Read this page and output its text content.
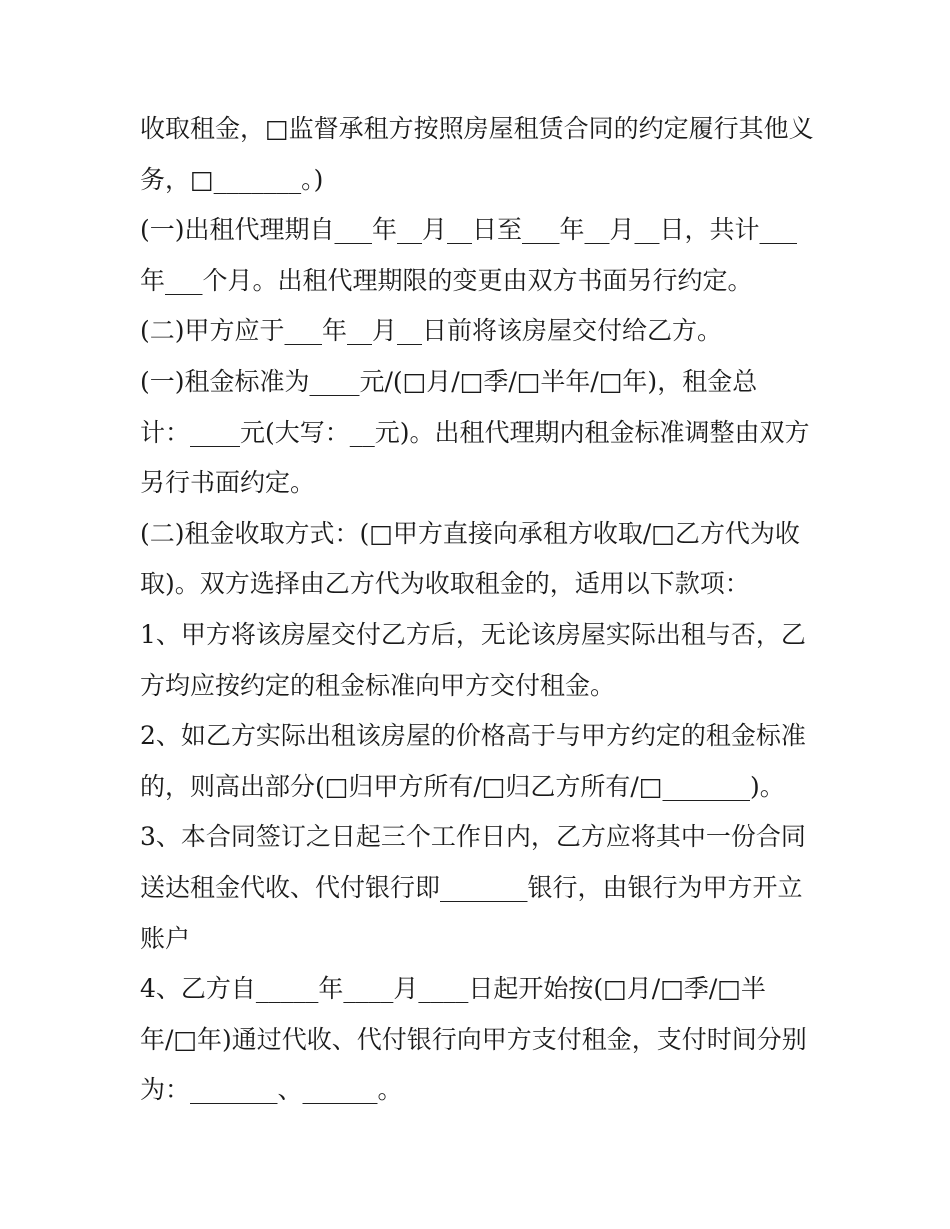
收取租金，□监督承租方按照房屋租赁合同的约定履行其他义
务，□_______。)
(一)出租代理期自___年__月__日至___年__月__日，共计___
年___个月。出租代理期限的变更由双方书面另行约定。
(二)甲方应于___年__月__日前将该房屋交付给乙方。
(一)租金标准为____元/(□月/□季/□半年/□年)，租金总
计：____元(大写：__元)。出租代理期内租金标准调整由双方
另行书面约定。
(二)租金收取方式：(□甲方直接向承租方收取/□乙方代为收
取)。双方选择由乙方代为收取租金的，适用以下款项：
1、甲方将该房屋交付乙方后，无论该房屋实际出租与否，乙
方均应按约定的租金标准向甲方交付租金。
2、如乙方实际出租该房屋的价格高于与甲方约定的租金标准
的，则高出部分(□归甲方所有/□归乙方所有/□_______)。
3、本合同签订之日起三个工作日内，乙方应将其中一份合同
送达租金代收、代付银行即_______银行，由银行为甲方开立
账户
4、乙方自_____年____月____日起开始按(□月/□季/□半
年/□年)通过代收、代付银行向甲方支付租金，支付时间分别
为：_______、______。
